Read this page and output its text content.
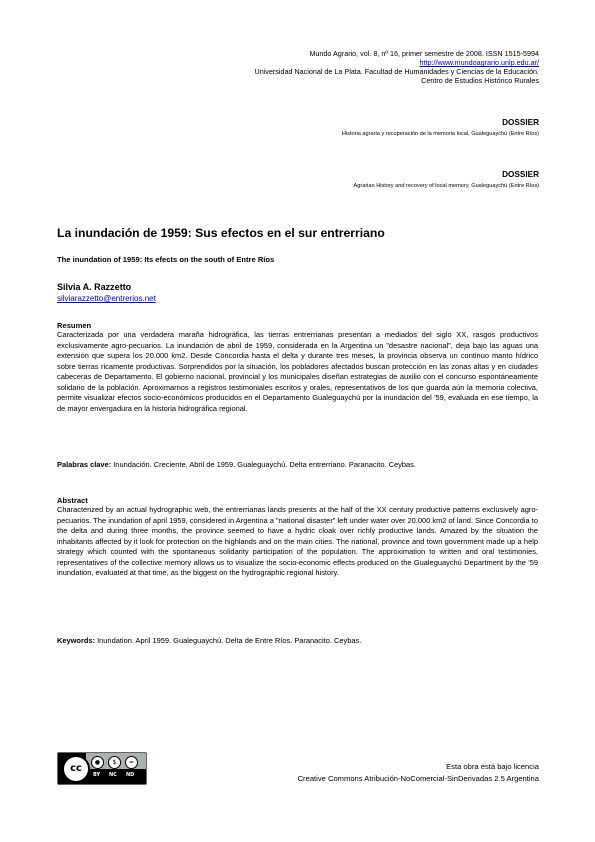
Mundo Agrario, vol. 8, nº 16, primer semestre de 2008. ISSN 1515-5994
http://www.mundoagrario.unlp.edu.ar/
Universidad Nacional de La Plata. Facultad de Humanidades y Ciencias de la Educación.
Centro de Estudios Histórico Rurales
DOSSIER
Historia agraria y recuperación de la memoria local, Gualeguaychú (Entre Ríos)
DOSSIER
Agrarian History and recovery of local memory, Gualeguaychú (Entre Ríos)
La inundación de 1959: Sus efectos en el sur entrerriano
The inundation of 1959: Its efects on the south of Entre Ríos
Silvia A. Razzetto
silviarazzetto@entrerios.net
Resumen
Caracterizada por una verdadera maraña hidrográfica, las tierras entrerrianas presentan a mediados del siglo XX, rasgos productivos exclusivamente agro-pecuarios. La inundación de abril de 1959, considerada en la Argentina un "desastre nacional", deja bajo las aguas una extensión que supera los 20.000 km2. Desde Concordia hasta el delta y durante tres meses, la provincia observa un continuo manto hídrico sobre tierras ricamente productivas. Sorprendidos por la situación, los pobladores afectados buscan protección en las zonas altas y en ciudades cabeceras de Departamento. El gobierno nacional, provincial y los municipales diseñan estrategias de auxilio con el concurso espontáneamente solidario de la población. Aproximarnos a registros testimoniales escritos y orales, representativos de los que guarda aún la memoria colectiva, permite visualizar efectos socio-económicos producidos en el Departamento Gualeguaychú por la inundación del '59, evaluada en ese tiempo, la de mayor envergadura en la historia hidrográfica regional.
Palabras clave: Inundación. Creciente. Abril de 1959. Gualeguaychú. Delta entrerriano. Paranacito. Ceybas.
Abstract
Characterized by an actual hydrographic web, the entrerrianas lands presents at the half of the XX century productive patterns exclusively agro-pecuarios. The inundation of april 1959, considered in Argentina a "national disaster" left under water over 20.000 km2 of land. Since Concordia to the delta and during three months, the province seemed to have a hydric cloak over richly productive lands. Amazed by the situation the inhabitants affected by it look for protection on the highlands and on the main cities. The national, province and town government made up a help strategy which counted with the spontaneous solidarity participation of the population. The approximation to written and oral testimonies, representatives of the collective memory allows us to visualize the socio-economic effects produced on the Gualeguaychú Department by the '59 inundation, evaluated at that time, as the biggest on the hydrographic regional history.
Keywords: Inundation. April 1959. Gualeguaychú. Delta de Entre Ríos. Paranacito. Ceybas.
cc
●	$	=
BY NC ND
Esta obra está bajo licencia
Creative Commons Atribución-NoComercial-SinDerivadas 2.5 Argentina
